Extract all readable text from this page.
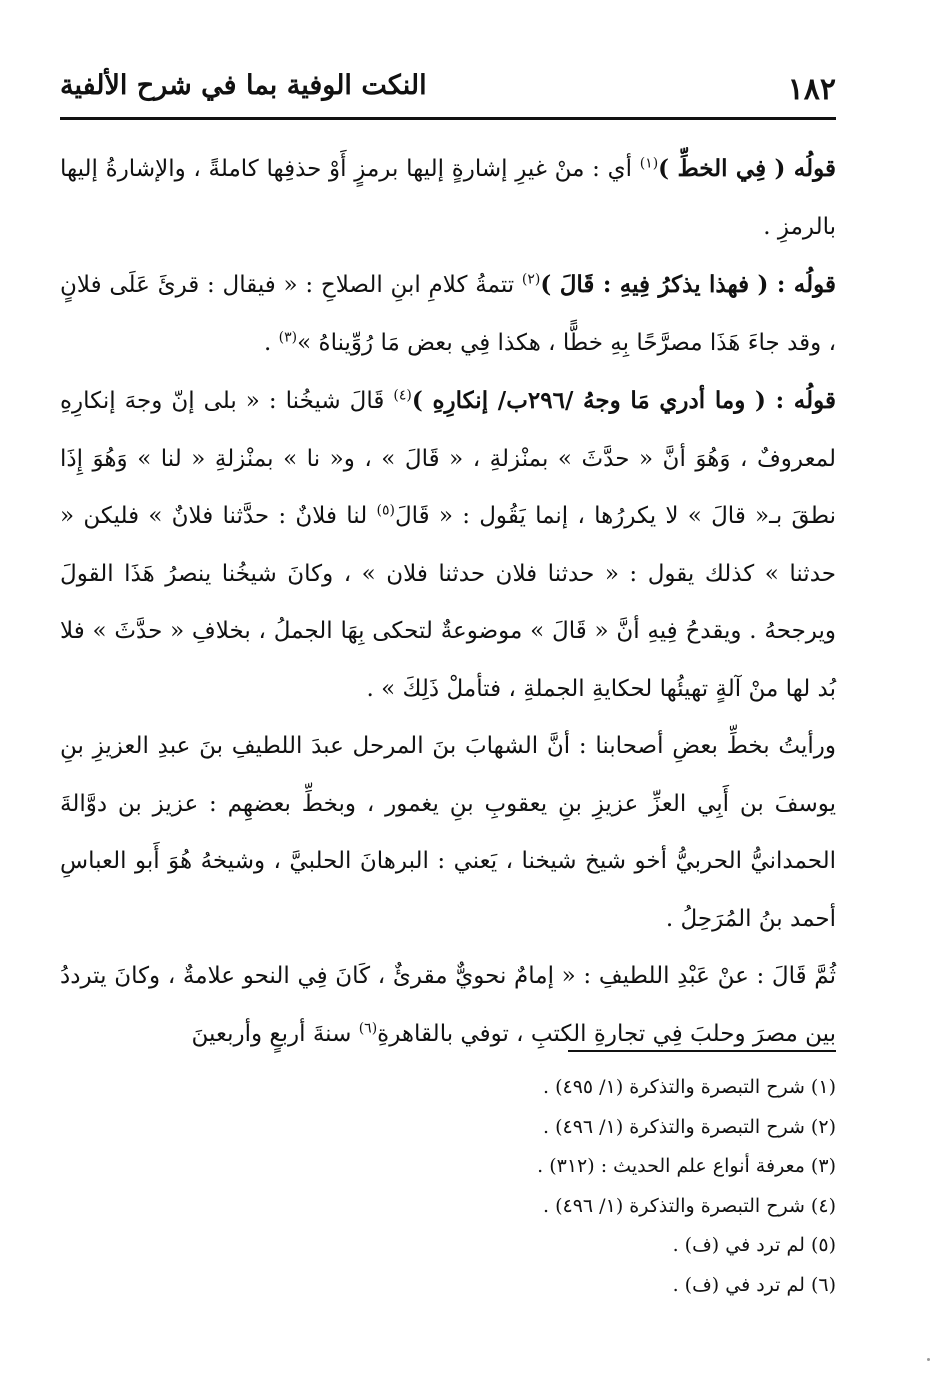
١٨٢
النكت الوفية بما في شرح الألفية

قولُه ( فِي الخطِّ )$^{(١)}$ أي : منْ غيرِ إشارةٍ إليها برمزٍ أَوْ حذفِها كاملةً ، والإشارةُ إليها بالرمزِ .

قولُه : ( فهذا يذكرُ فِيهِ : قَالَ )$^{(٢)}$ تتمةُ كلامِ ابنِ الصلاحِ : « فيقال : قرئَ عَلَى فلانٍ ، وقد جاءَ هَذَا مصرَّحًا بِهِ خطًّا ، هكذا فِي بعض مَا رُوِّيناهُ »$^{(٣)}$ .

قولُه : ( وما أدري مَا وجهُ /٢٩٦ب/ إنكارِهِ )$^{(٤)}$ قَالَ شيخُنا : « بلى إنّ وجهَ إنكارِهِ لمعروفٌ ، وَهُوَ أنَّ « حدَّثَ » بمنْزلةِ ، « قَالَ » ، و« نا » بمنْزلةِ « لنا » وَهُوَ إِذَا نطقَ بـ« قالَ » لا يكررُها ، إنما يَقُول : « قَالَ$^{(٥)}$ لنا فلانٌ : حدَّثنا فلانٌ » فليكن « حدثنا » كذلك يقول : « حدثنا فلان حدثنا فلان » ، وكانَ شيخُنا ينصرُ هَذَا القولَ ويرجحهُ . ويقدحُ فِيهِ أنَّ « قَالَ » موضوعةٌ لتحكى بِهَا الجملُ ، بخلافِ « حدَّثَ » فلا بُد لها منْ آلةٍ تهيئُها لحكايةِ الجملةِ ، فتأملْ ذَلِكَ » .

ورأيتُ بخطِّ بعضِ أصحابنا : أنَّ الشهابَ بنَ المرحل عبدَ اللطيفِ بنَ عبدِ العزيزِ بنِ يوسفَ بن أَبِي العزِّ عزيزِ بنِ يعقوبِ بنِ يغمور ، وبخطِّ بعضهِم : عزيز بن دوَّالةَ الحمدانيُّ الحربيُّ أخو شيخ شيخنا ، يَعني : البرهانَ الحلبيَّ ، وشيخهُ هُوَ أَبو العباسِ أحمد بنُ المُرَحِلُ .

ثُمَّ قَالَ : عنْ عَبْدِ اللطيفِ : « إمامٌ نحويٌّ مقرئٌ ، كَانَ فِي النحو علامةٌ ، وكانَ يترددُ بين مصرَ وحلبَ فِي تجارةِ الكتبِ ، توفي بالقاهرةِ$^{(٦)}$ سنةَ أربعٍ وأربعينَ

(١) شرح التبصرة والتذكرة (١/ ٤٩٥) .

(٢) شرح التبصرة والتذكرة (١/ ٤٩٦) .

(٣) معرفة أنواع علم الحديث : (٣١٢) .

(٤) شرح التبصرة والتذكرة (١/ ٤٩٦) .

(٥) لم ترد في (ف) .

(٦) لم ترد في (ف) .
